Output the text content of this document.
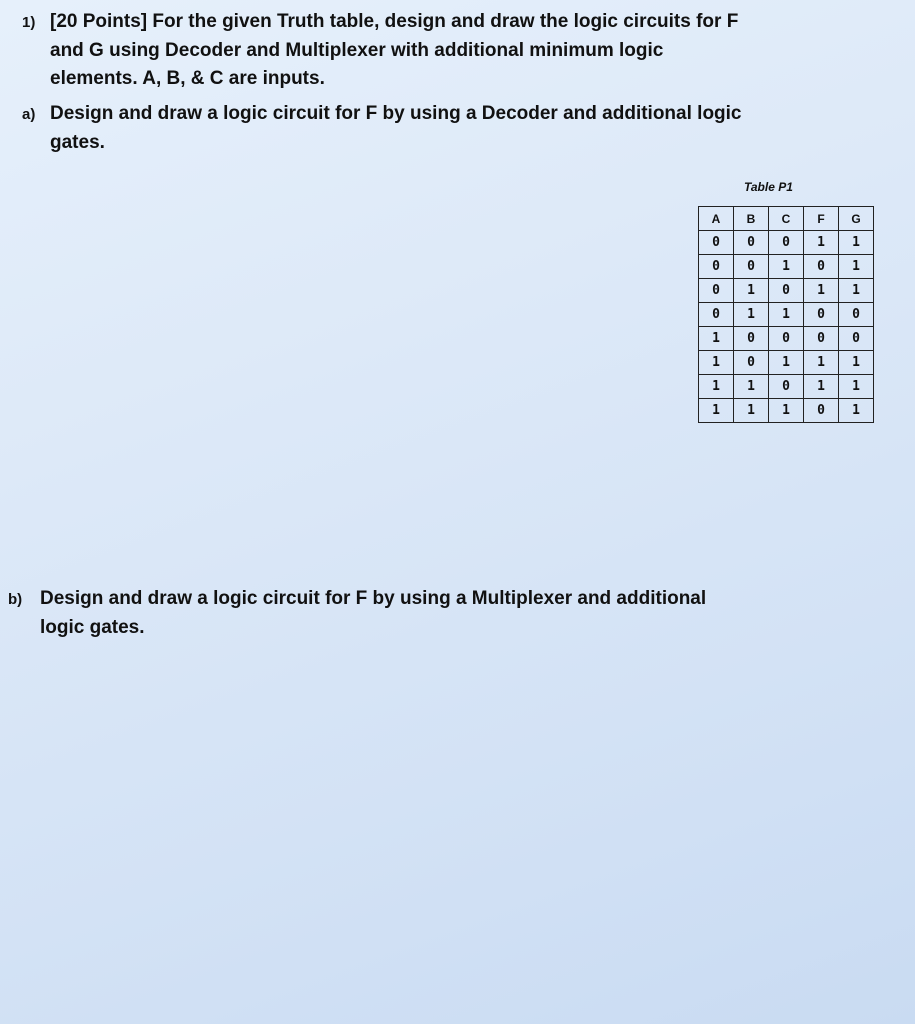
1) [20 Points] For the given Truth table, design and draw the logic circuits for F
and G using Decoder and Multiplexer with additional minimum logic
elements. A, B, & C are inputs.
a) Design and draw a logic circuit for F by using a Decoder and additional logic
gates.
Table P1
A	B	C	F	G
0	0	0	1	1
0	0	1	0	1
0	1	0	1	1
0	1	1	0	0
1	0	0	0	0
1	0	1	1	1
1	1	0	1	1
1	1	1	0	1
b) Design and draw a logic circuit for F by using a Multiplexer and additional
logic gates.
